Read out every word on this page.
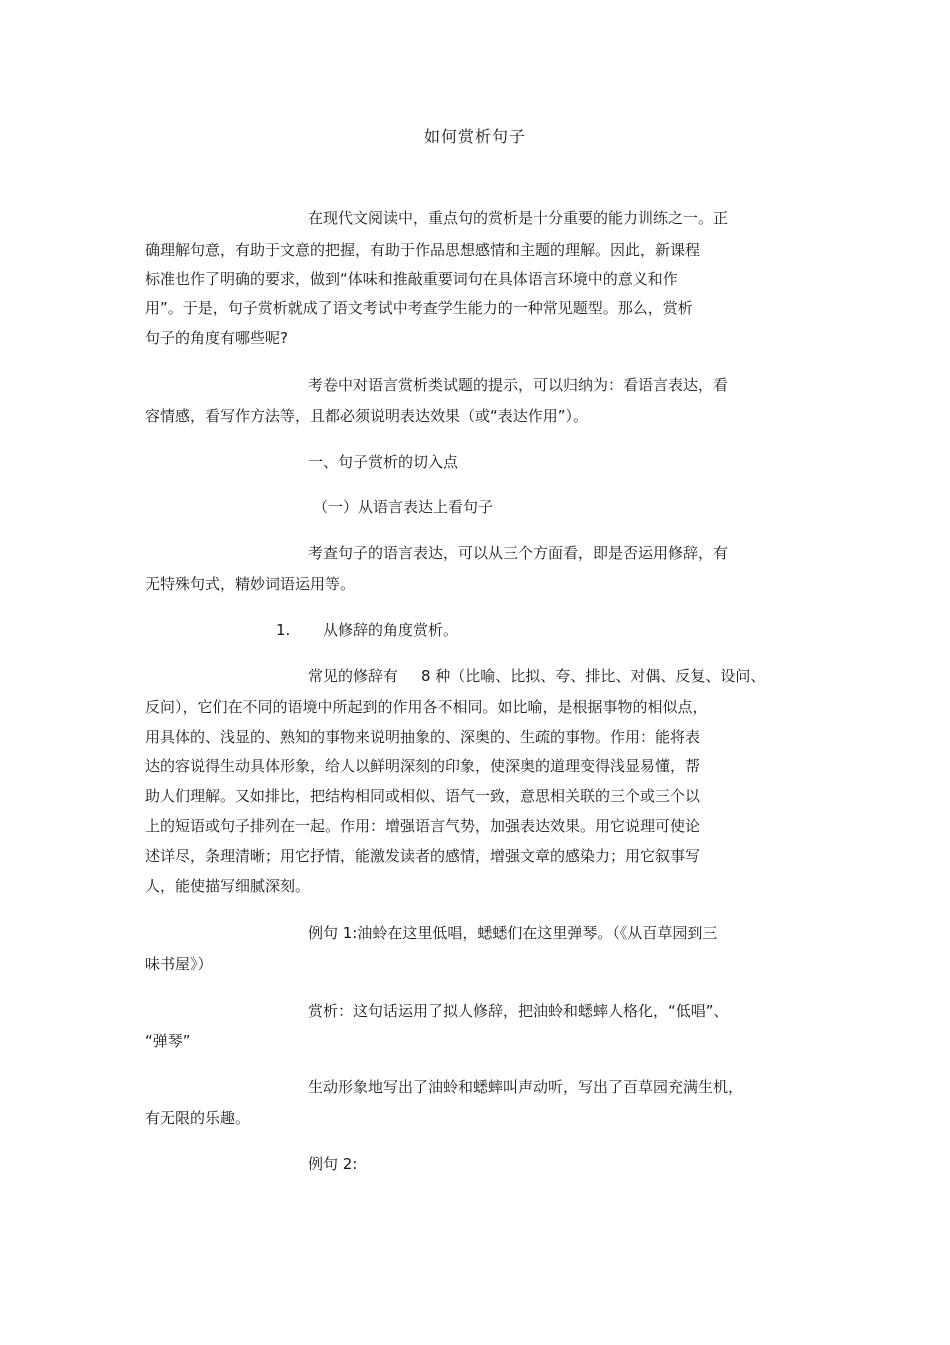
如何赏析句子
在现代文阅读中，重点句的赏析是十分重要的能力训练之一。正
确理解句意，有助于文意的把握，有助于作品思想感情和主题的理解。因此，新课程
标准也作了明确的要求，做到“体味和推敲重要词句在具体语言环境中的意义和作
用”。于是，句子赏析就成了语文考试中考查学生能力的一种常见题型。那么，赏析
句子的角度有哪些呢?
考卷中对语言赏析类试题的提示，可以归纳为：看语言表达，看
容情感，看写作方法等，且都必须说明表达效果（或“表达作用”）。
一、句子赏析的切入点
（一）从语言表达上看句子
考查句子的语言表达，可以从三个方面看，即是否运用修辞，有
无特殊句式，精妙词语运用等。
1. 从修辞的角度赏析。
常见的修辞有 8 种（比喻、比拟、夸、排比、对偶、反复、设问、
反问），它们在不同的语境中所起到的作用各不相同。如比喻，是根据事物的相似点，
用具体的、浅显的、熟知的事物来说明抽象的、深奥的、生疏的事物。作用：能将表
达的容说得生动具体形象，给人以鲜明深刻的印象，使深奥的道理变得浅显易懂，帮
助人们理解。又如排比，把结构相同或相似、语气一致，意思相关联的三个或三个以
上的短语或句子排列在一起。作用：增强语言气势，加强表达效果。用它说理可使论
述详尽，条理清晰；用它抒情，能激发读者的感情，增强文章的感染力；用它叙事写
人，能使描写细腻深刻。
例句 1:油蛉在这里低唱，蟋蟋们在这里弹琴。（《从百草园到三
味书屋》）
赏析：这句话运用了拟人修辞，把油蛉和蟋蟀人格化，“低唱”、
“弹琴”
生动形象地写出了油蛉和蟋蟀叫声动听，写出了百草园充满生机，
有无限的乐趣。
例句 2:
